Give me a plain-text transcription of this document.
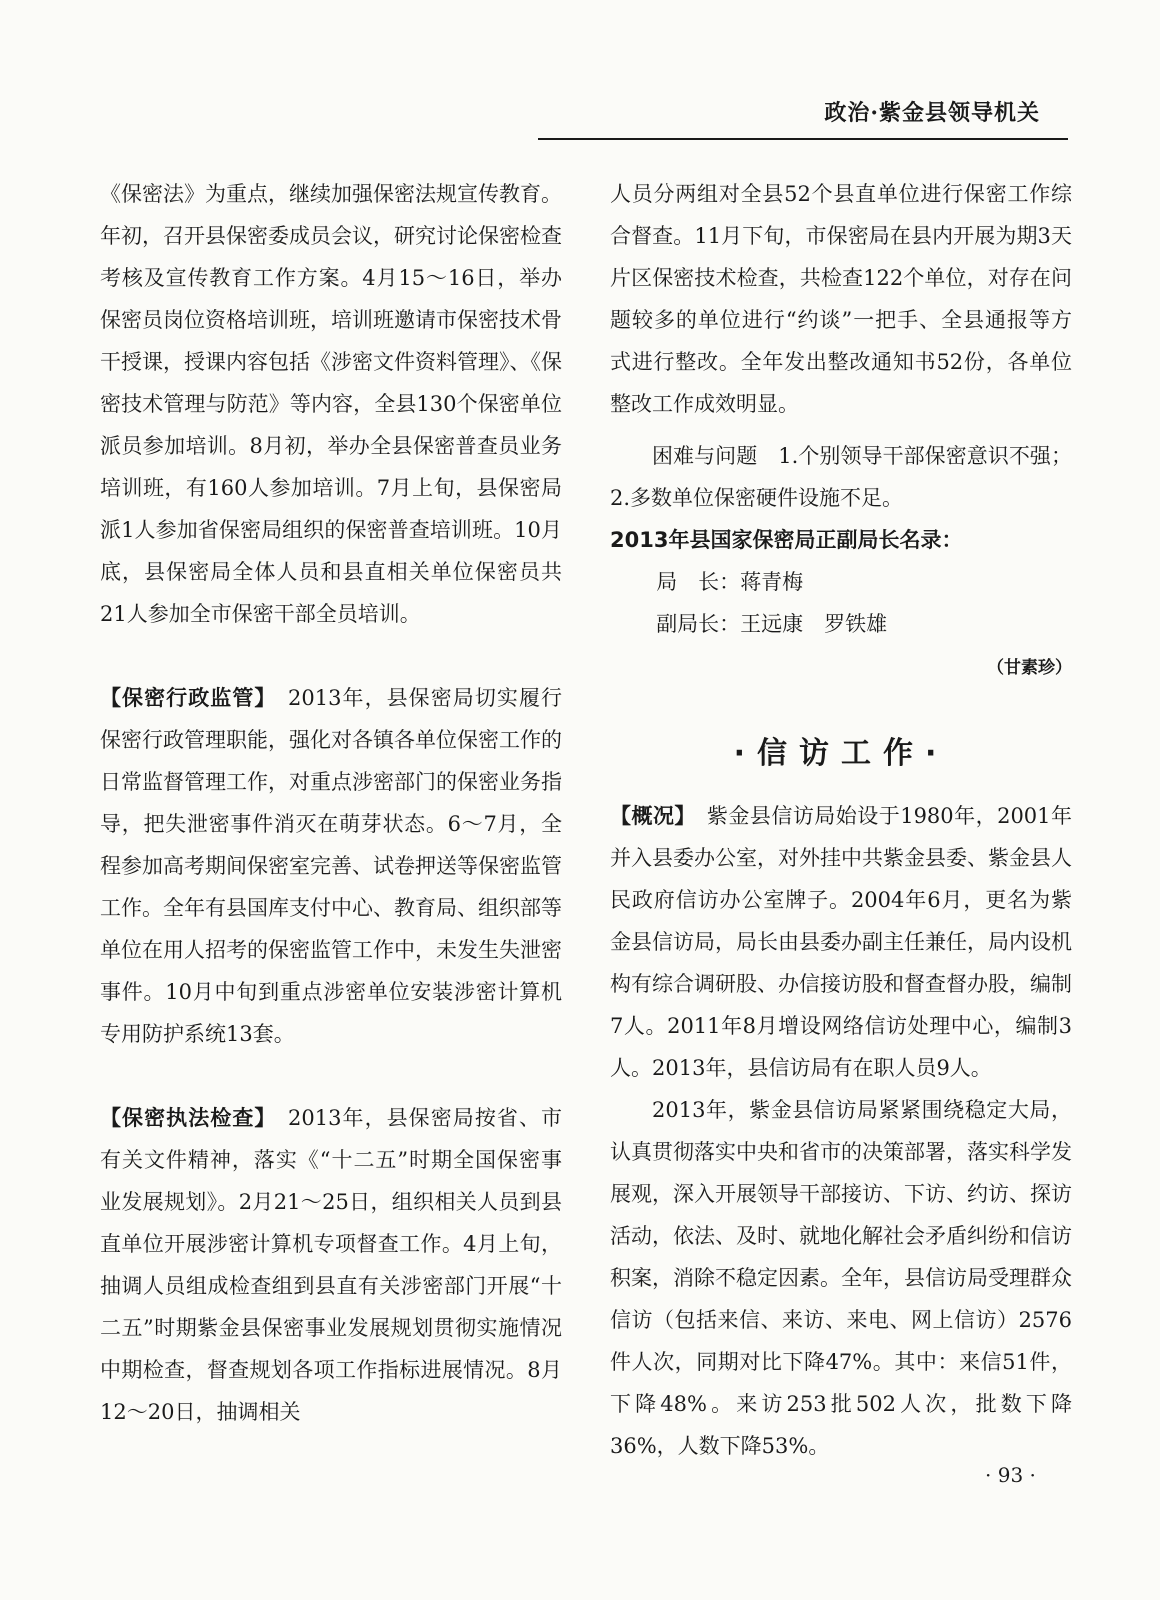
政治·紫金县领导机关

《保密法》为重点，继续加强保密法规宣传教育。年初，召开县保密委成员会议，研究讨论保密检查考核及宣传教育工作方案。4月15～16日，举办保密员岗位资格培训班，培训班邀请市保密技术骨干授课，授课内容包括《涉密文件资料管理》、《保密技术管理与防范》等内容，全县130个保密单位派员参加培训。8月初，举办全县保密普查员业务培训班，有160人参加培训。7月上旬，县保密局派1人参加省保密局组织的保密普查培训班。10月底，县保密局全体人员和县直相关单位保密员共21人参加全市保密干部全员培训。

【保密行政监管】　 2013年，县保密局切实履行保密行政管理职能，强化对各镇各单位保密工作的日常监督管理工作，对重点涉密部门的保密业务指导，把失泄密事件消灭在萌芽状态。6～7月，全程参加高考期间保密室完善、试卷押送等保密监管工作。全年有县国库支付中心、教育局、组织部等单位在用人招考的保密监管工作中，未发生失泄密事件。10月中旬到重点涉密单位安装涉密计算机专用防护系统13套。

【保密执法检查】　 2013年，县保密局按省、市有关文件精神，落实《“十二五”时期全国保密事业发展规划》。2月21～25日，组织相关人员到县直单位开展涉密计算机专项督查工作。4月上旬，抽调人员组成检查组到县直有关涉密部门开展“十二五”时期紫金县保密事业发展规划贯彻实施情况中期检查，督查规划各项工作指标进展情况。8月12～20日，抽调相关

人员分两组对全县52个县直单位进行保密工作综合督查。11月下旬，市保密局在县内开展为期3天片区保密技术检查，共检查122个单位，对存在问题较多的单位进行“约谈”一把手、全县通报等方式进行整改。全年发出整改通知书52份，各单位整改工作成效明显。

困难与问题　1.个别领导干部保密意识不强；2.多数单位保密硬件设施不足。

2013年县国家保密局正副局长名录：

局　长：蒋青梅

副局长：王远康　罗铁雄

（甘素珍）

·信访工作·

【概况】　 紫金县信访局始设于1980年，2001年并入县委办公室，对外挂中共紫金县委、紫金县人民政府信访办公室牌子。2004年6月，更名为紫金县信访局，局长由县委办副主任兼任，局内设机构有综合调研股、办信接访股和督查督办股，编制7人。2011年8月增设网络信访处理中心，编制3人。2013年，县信访局有在职人员9人。

2013年，紫金县信访局紧紧围绕稳定大局，认真贯彻落实中央和省市的决策部署，落实科学发展观，深入开展领导干部接访、下访、约访、探访活动，依法、及时、就地化解社会矛盾纠纷和信访积案，消除不稳定因素。全年，县信访局受理群众信访（包括来信、来访、来电、网上信访）2576件人次，同期对比下降47%。其中：来信51件，下降48%。来访253批502人次，批数下降36%，人数下降53%。

· 93 ·
